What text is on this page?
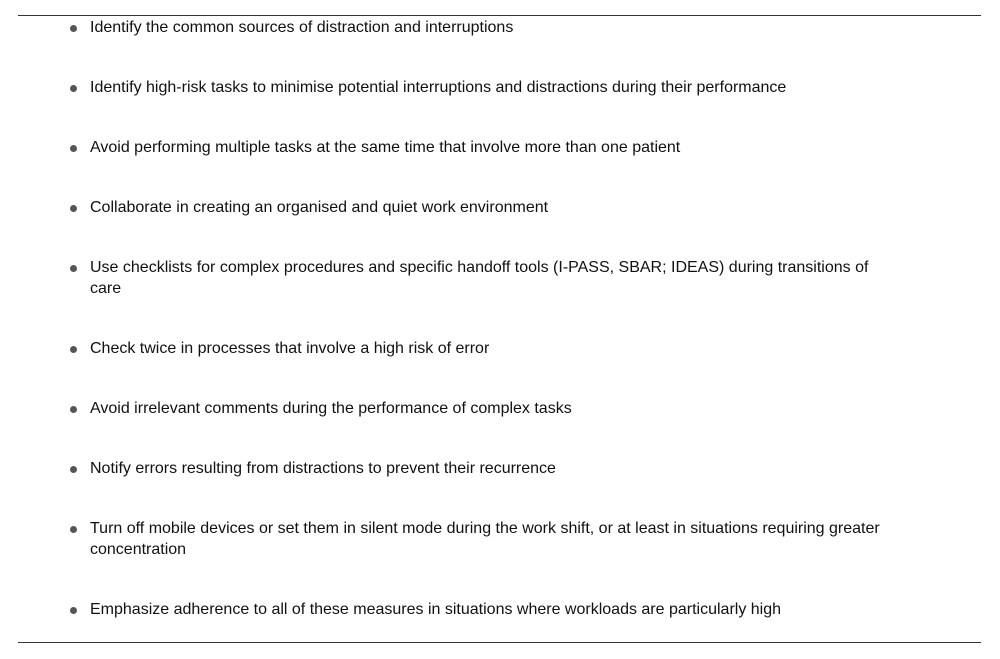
Identify the common sources of distraction and interruptions
Identify high-risk tasks to minimise potential interruptions and distractions during their performance
Avoid performing multiple tasks at the same time that involve more than one patient
Collaborate in creating an organised and quiet work environment
Use checklists for complex procedures and specific handoff tools (I-PASS, SBAR; IDEAS) during transitions of care
Check twice in processes that involve a high risk of error
Avoid irrelevant comments during the performance of complex tasks
Notify errors resulting from distractions to prevent their recurrence
Turn off mobile devices or set them in silent mode during the work shift, or at least in situations requiring greater concentration
Emphasize adherence to all of these measures in situations where workloads are particularly high
